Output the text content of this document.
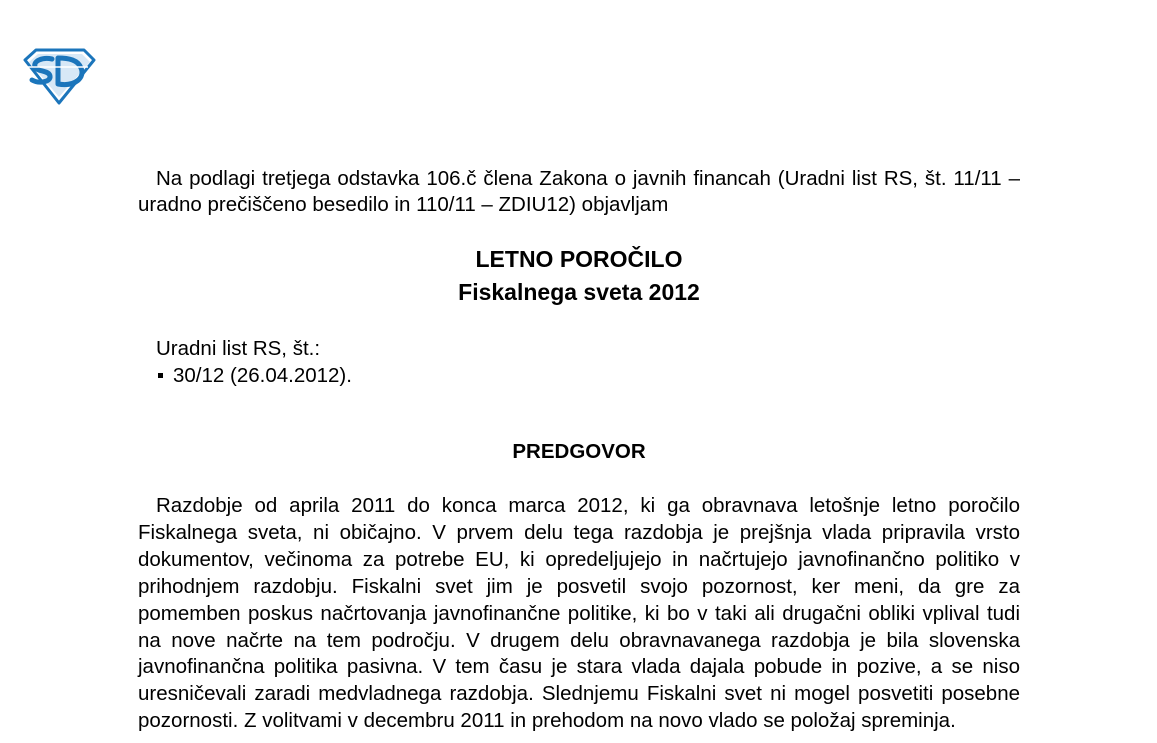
Na podlagi tretjega odstavka 106.č člena Zakona o javnih financah (Uradni list RS, št. 11/11 – uradno prečiščeno besedilo in 110/11 – ZDIU12) objavljam

LETNO POROČILO
Fiskalnega sveta 2012
Uradni list RS, št.:
30/12 (26.04.2012).
PREDGOVOR

Razdobje od aprila 2011 do konca marca 2012, ki ga obravnava letošnje letno poročilo Fiskalnega sveta, ni običajno. V prvem delu tega razdobja je prejšnja vlada pripravila vrsto dokumentov, večinoma za potrebe EU, ki opredeljujejo in načrtujejo javnofinančno politiko v prihodnjem razdobju. Fiskalni svet jim je posvetil svojo pozornost, ker meni, da gre za pomemben poskus načrtovanja javnofinančne politike, ki bo v taki ali drugačni obliki vplival tudi na nove načrte na tem področju. V drugem delu obravnavanega razdobja je bila slovenska javnofinančna politika pasivna. V tem času je stara vlada dajala pobude in pozive, a se niso uresničevali zaradi medvladnega razdobja. Slednjemu Fiskalni svet ni mogel posvetiti posebne pozornosti. Z volitvami v decembru 2011 in prehodom na novo vlado se položaj spreminja.
